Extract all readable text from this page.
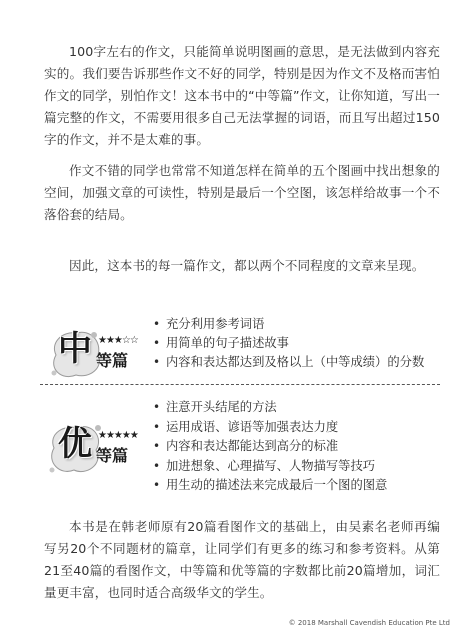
100字左右的作文，只能简单说明图画的意思，是无法做到内容充实的。我们要告诉那些作文不好的同学，特别是因为作文不及格而害怕作文的同学，别怕作文！这本书中的“中等篇”作文，让你知道，写出一篇完整的作文，不需要用很多自己无法掌握的词语，而且写出超过150字的作文，并不是太难的事。

作文不错的同学也常常不知道怎样在简单的五个图画中找出想象的空间，加强文章的可读性，特别是最后一个空图，该怎样给故事一个不落俗套的结局。

因此，这本书的每一篇作文，都以两个不同程度的文章来呈现。

中 ★★★☆☆
等篇
• 充分利用参考词语
• 用简单的句子描述故事
• 内容和表达都达到及格以上（中等成绩）的分数
优 ★★★★★
等篇
• 注意开头结尾的方法
• 运用成语、谚语等加强表达力度
• 内容和表达都能达到高分的标准
• 加进想象、心理描写、人物描写等技巧
• 用生动的描述法来完成最后一个图的图意

本书是在韩老师原有20篇看图作文的基础上，由吴素名老师再编写另20个不同题材的篇章，让同学们有更多的练习和参考资料。从第21至40篇的看图作文，中等篇和优等篇的字数都比前20篇增加，词汇量更丰富，也同时适合高级华文的学生。

© 2018 Marshall Cavendish Education Pte Ltd
